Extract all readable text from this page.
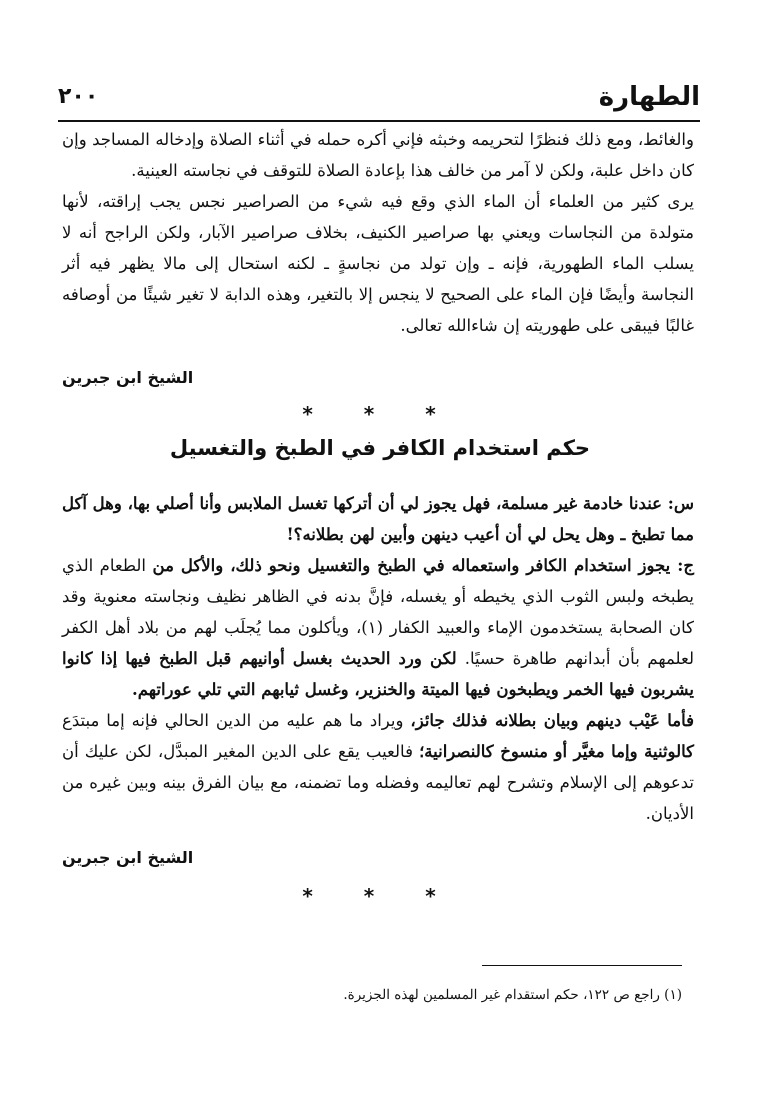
الطهارة
٢٠٠

والغائط، ومع ذلك فنظرًا لتحريمه وخبثه فإني أكره حمله في أثناء الصلاة وإدخاله المساجد وإن كان داخل علبة، ولكن لا آمر من خالف هذا بإعادة الصلاة للتوقف في نجاسته العينية.

يرى كثير من العلماء أن الماء الذي وقع فيه شيء من الصراصير نجس يجب إراقته، لأنها متولدة من النجاسات ويعني بها صراصير الكنيف، بخلاف صراصير الآبار، ولكن الراجح أنه لا يسلب الماء الطهورية، فإنه ـ وإن تولد من نجاسةٍ ـ لكنه استحال إلى مالا يظهر فيه أثر النجاسة وأيضًا فإن الماء على الصحيح لا ينجس إلا بالتغير، وهذه الدابة لا تغير شيئًا من أوصافه غالبًا فيبقى على طهوريته إن شاءالله تعالى.

الشيخ ابن جبرين
* * *
حكم استخدام الكافر في الطبخ والتغسيل

س: عندنا خادمة غير مسلمة، فهل يجوز لي أن أتركها تغسل الملابس وأنا أصلي بها، وهل آكل مما تطبخ ـ وهل يحل لي أن أعيب دينهن وأبين لهن بطلانه؟!

ج: يجوز استخدام الكافر واستعماله في الطبخ والتغسيل ونحو ذلك، والأكل من الطعام الذي يطبخه ولبس الثوب الذي يخيطه أو يغسله، فإنَّ بدنه في الظاهر نظيف ونجاسته معنوية وقد كان الصحابة يستخدمون الإماء والعبيد الكفار (١)، ويأكلون مما يُجلَب لهم من بلاد أهل الكفر لعلمهم بأن أبدانهم طاهرة حسيًا. لكن ورد الحديث بغسل أوانيهم قبل الطبخ فيها إذا كانوا يشربون فيها الخمر ويطبخون فيها الميتة والخنزير، وغسل ثيابهم التي تلي عوراتهم.

فأما عَيْب دينهم وبيان بطلانه فذلك جائز، ويراد ما هم عليه من الدين الحالي فإنه إما مبتدَع كالوثنية وإما مغيَّر أو منسوخ كالنصرانية؛ فالعيب يقع على الدين المغير المبدَّل، لكن عليك أن تدعوهم إلى الإسلام وتشرح لهم تعاليمه وفضله وما تضمنه، مع بيان الفرق بينه وبين غيره من الأديان.

الشيخ ابن جبرين
* * *
(١) راجع ص ١٢٢، حكم استقدام غير المسلمين لهذه الجزيرة.
